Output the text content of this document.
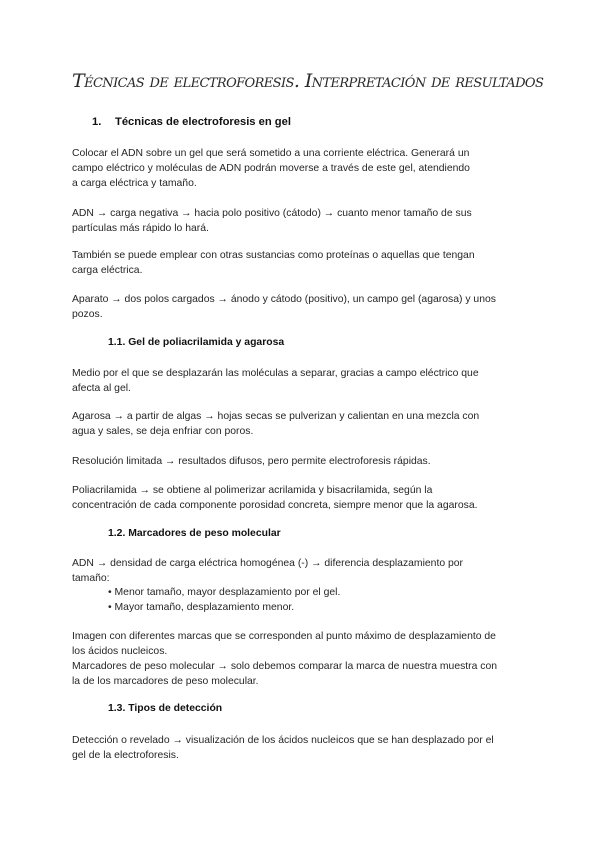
Técnicas de electroforesis. Interpretación de resultados
1. Técnicas de electroforesis en gel
Colocar el ADN sobre un gel que será sometido a una corriente eléctrica. Generará un
campo eléctrico y moléculas de ADN podrán moverse a través de este gel, atendiendo
a carga eléctrica y tamaño.
ADN → carga negativa → hacia polo positivo (cátodo) → cuanto menor tamaño de sus
partículas más rápido lo hará.
También se puede emplear con otras sustancias como proteínas o aquellas que tengan
carga eléctrica.
Aparato → dos polos cargados → ánodo y cátodo (positivo), un campo gel (agarosa) y unos
pozos.
1.1. Gel de poliacrilamida y agarosa
Medio por el que se desplazarán las moléculas a separar, gracias a campo eléctrico que
afecta al gel.
Agarosa → a partir de algas → hojas secas se pulverizan y calientan en una mezcla con
agua y sales, se deja enfriar con poros.
Resolución limitada → resultados difusos, pero permite electroforesis rápidas.
Poliacrilamida → se obtiene al polimerizar acrilamida y bisacrilamida, según la
concentración de cada componente porosidad concreta, siempre menor que la agarosa.
1.2. Marcadores de peso molecular
ADN → densidad de carga eléctrica homogénea (-) → diferencia desplazamiento por
tamaño:
• Menor tamaño, mayor desplazamiento por el gel.
• Mayor tamaño, desplazamiento menor.
Imagen con diferentes marcas que se corresponden al punto máximo de desplazamiento de
los ácidos nucleicos.
Marcadores de peso molecular → solo debemos comparar la marca de nuestra muestra con
la de los marcadores de peso molecular.
1.3. Tipos de detección
Detección o revelado → visualización de los ácidos nucleicos que se han desplazado por el
gel de la electroforesis.
